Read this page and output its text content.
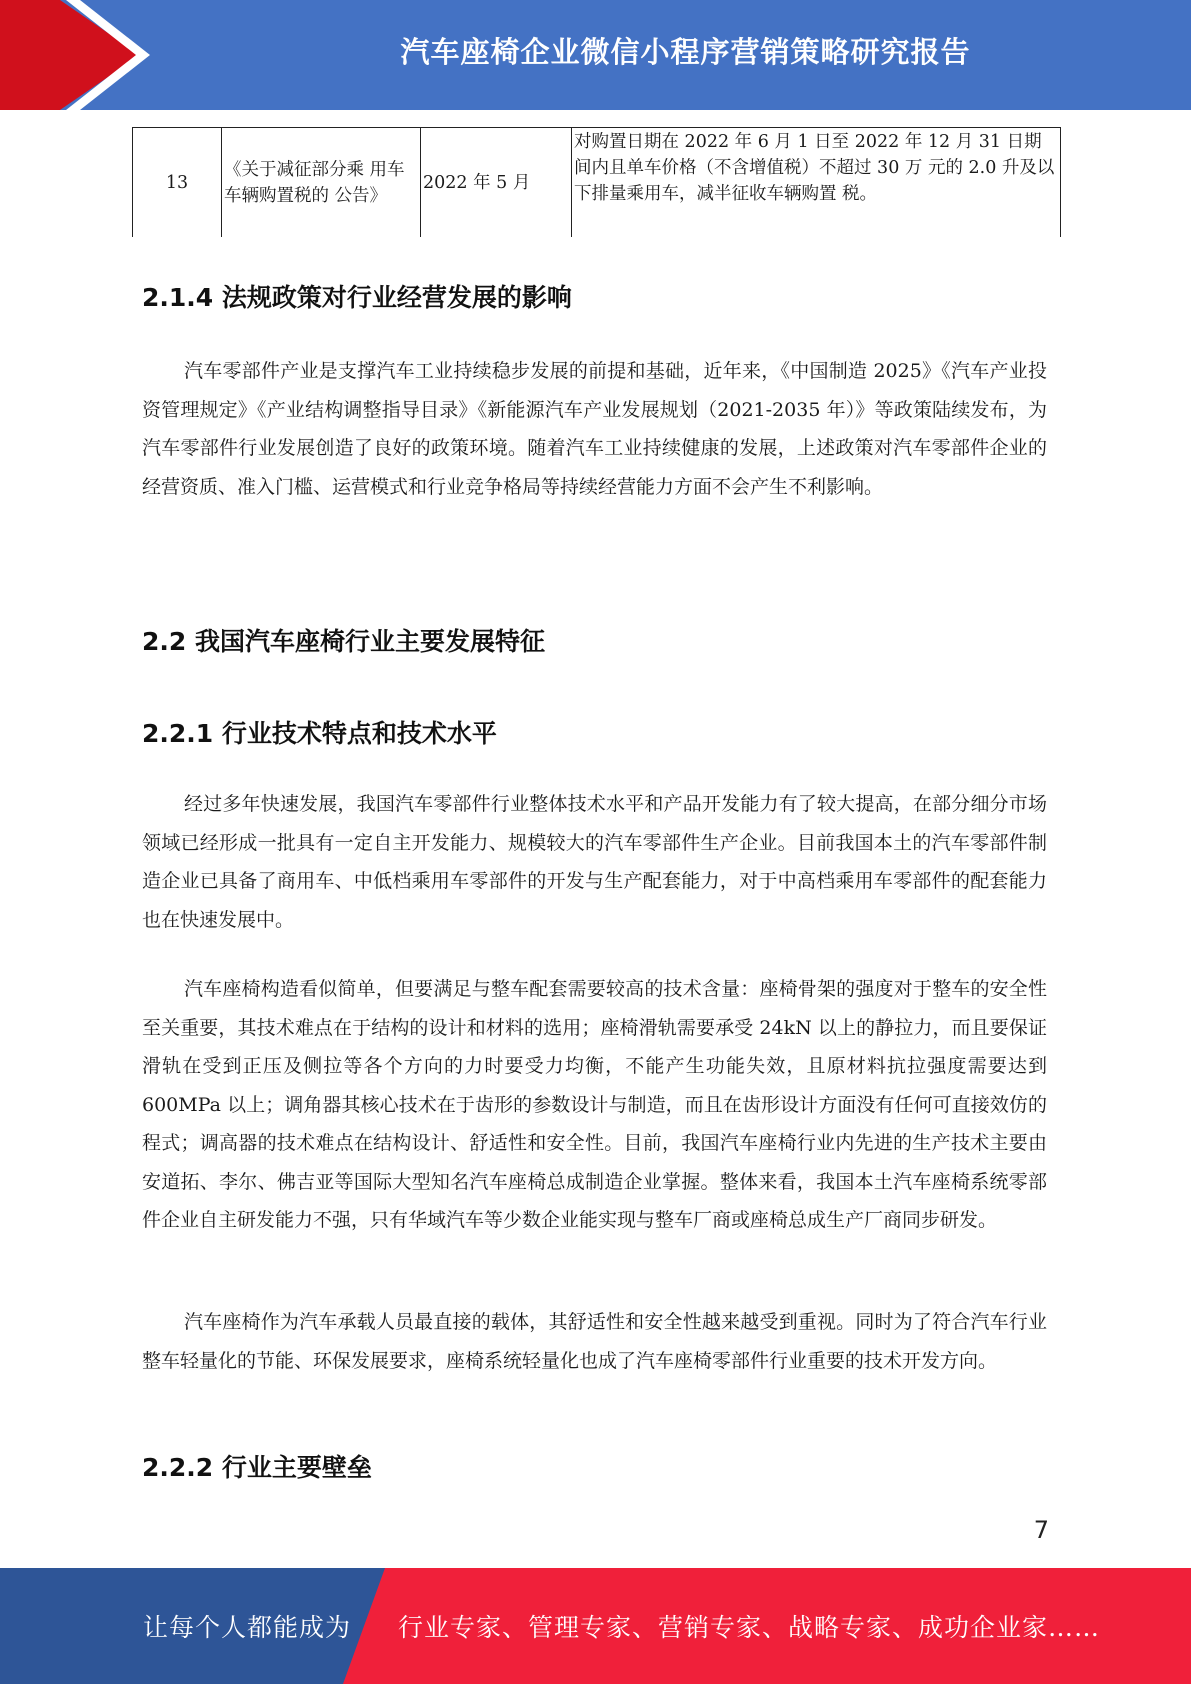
汽车座椅企业微信小程序营销策略研究报告
13	《关于减征部分乘 用车车辆购置税的 公告》	2022 年 5 月	对购置日期在 2022 年 6 月 1 日至 2022 年 12 月 31 日期间内且单车价格（不含增值税）不超过 30 万 元的 2.0 升及以下排量乘用车，减半征收车辆购置 税。
2.1.4 法规政策对行业经营发展的影响

汽车零部件产业是支撑汽车工业持续稳步发展的前提和基础，近年来，《中国制造 2025》《汽车产业投资管理规定》《产业结构调整指导目录》《新能源汽车产业发展规划（2021-2035 年）》等政策陆续发布，为汽车零部件行业发展创造了良好的政策环境。随着汽车工业持续健康的发展，上述政策对汽车零部件企业的经营资质、准入门槛、运营模式和行业竞争格局等持续经营能力方面不会产生不利影响。

2.2 我国汽车座椅行业主要发展特征
2.2.1 行业技术特点和技术水平

经过多年快速发展，我国汽车零部件行业整体技术水平和产品开发能力有了较大提高，在部分细分市场领域已经形成一批具有一定自主开发能力、规模较大的汽车零部件生产企业。目前我国本土的汽车零部件制造企业已具备了商用车、中低档乘用车零部件的开发与生产配套能力，对于中高档乘用车零部件的配套能力也在快速发展中。

汽车座椅构造看似简单，但要满足与整车配套需要较高的技术含量：座椅骨架的强度对于整车的安全性至关重要，其技术难点在于结构的设计和材料的选用；座椅滑轨需要承受 24kN 以上的静拉力，而且要保证滑轨在受到正压及侧拉等各个方向的力时要受力均衡，不能产生功能失效，且原材料抗拉强度需要达到 600MPa 以上；调角器其核心技术在于齿形的参数设计与制造，而且在齿形设计方面没有任何可直接效仿的程式；调高器的技术难点在结构设计、舒适性和安全性。目前，我国汽车座椅行业内先进的生产技术主要由安道拓、李尔、佛吉亚等国际大型知名汽车座椅总成制造企业掌握。整体来看，我国本土汽车座椅系统零部件企业自主研发能力不强，只有华域汽车等少数企业能实现与整车厂商或座椅总成生产厂商同步研发。

汽车座椅作为汽车承载人员最直接的载体，其舒适性和安全性越来越受到重视。同时为了符合汽车行业整车轻量化的节能、环保发展要求，座椅系统轻量化也成了汽车座椅零部件行业重要的技术开发方向。

2.2.2 行业主要壁垒
7
让每个人都能成为 行业专家、管理专家、营销专家、战略专家、成功企业家……
